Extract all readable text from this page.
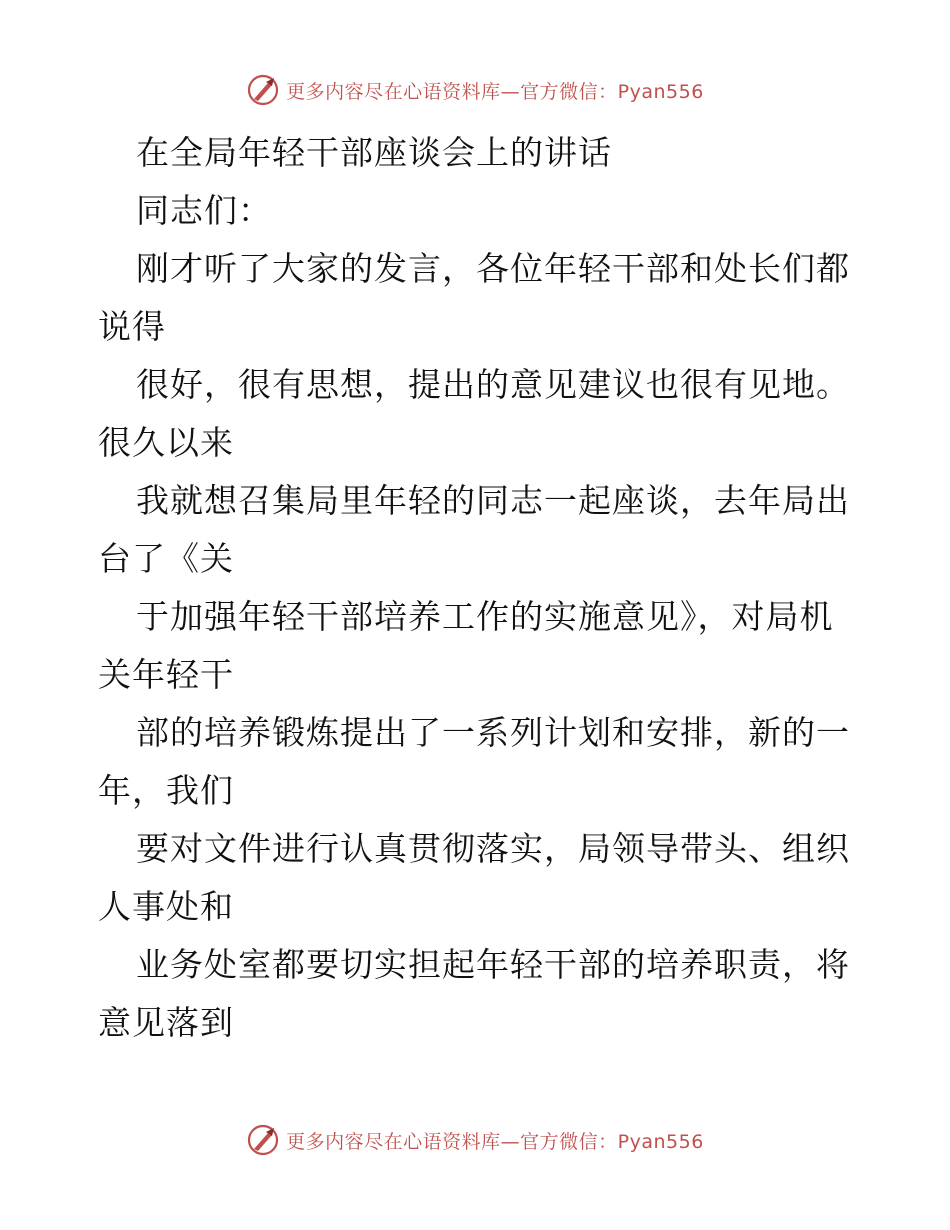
更多内容尽在心语资料库—官方微信：Pyan556
在全局年轻干部座谈会上的讲话
同志们：
刚才听了大家的发言，各位年轻干部和处长们都
说得
很好，很有思想，提出的意见建议也很有见地。
很久以来
我就想召集局里年轻的同志一起座谈，去年局出
台了《关
于加强年轻干部培养工作的实施意见》，对局机
关年轻干
部的培养锻炼提出了一系列计划和安排，新的一
年，我们
要对文件进行认真贯彻落实，局领导带头、组织
人事处和
业务处室都要切实担起年轻干部的培养职责，将
意见落到
更多内容尽在心语资料库—官方微信：Pyan556
